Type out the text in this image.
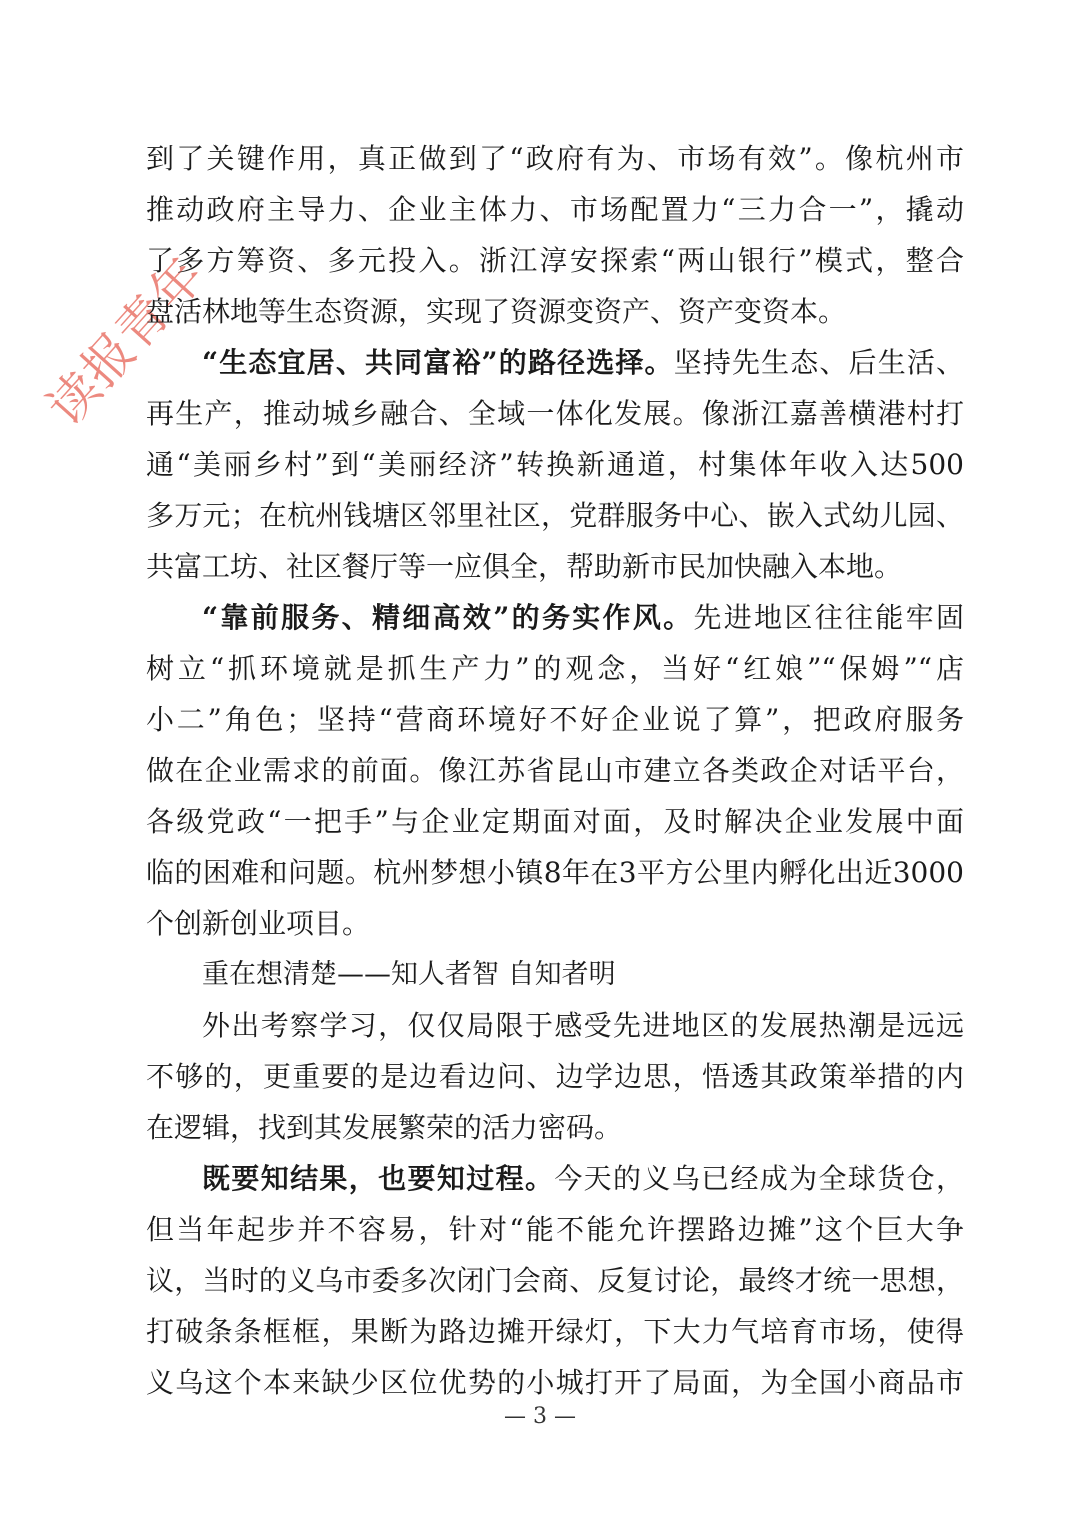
读报青年
到了关键作用，真正做到了“政府有为、市场有效”。像杭州市
推动政府主导力、企业主体力、市场配置力“三力合一”，撬动
了多方筹资、多元投入。浙江淳安探索“两山银行”模式，整合
盘活林地等生态资源，实现了资源变资产、资产变资本。
“生态宜居、共同富裕”的路径选择。坚持先生态、后生活、
再生产，推动城乡融合、全域一体化发展。像浙江嘉善横港村打
通“美丽乡村”到“美丽经济”转换新通道，村集体年收入达500
多万元；在杭州钱塘区邻里社区，党群服务中心、嵌入式幼儿园、
共富工坊、社区餐厅等一应俱全，帮助新市民加快融入本地。
“靠前服务、精细高效”的务实作风。先进地区往往能牢固
树立“抓环境就是抓生产力”的观念，当好“红娘”“保姆”“店
小二”角色；坚持“营商环境好不好企业说了算”，把政府服务
做在企业需求的前面。像江苏省昆山市建立各类政企对话平台，
各级党政“一把手”与企业定期面对面，及时解决企业发展中面
临的困难和问题。杭州梦想小镇8年在3平方公里内孵化出近3000
个创新创业项目。
重在想清楚——知人者智 自知者明
外出考察学习，仅仅局限于感受先进地区的发展热潮是远远
不够的，更重要的是边看边问、边学边思，悟透其政策举措的内
在逻辑，找到其发展繁荣的活力密码。
既要知结果，也要知过程。今天的义乌已经成为全球货仓，
但当年起步并不容易，针对“能不能允许摆路边摊”这个巨大争
议，当时的义乌市委多次闭门会商、反复讨论，最终才统一思想，
打破条条框框，果断为路边摊开绿灯，下大力气培育市场，使得
义乌这个本来缺少区位优势的小城打开了局面，为全国小商品市
— 3 —
